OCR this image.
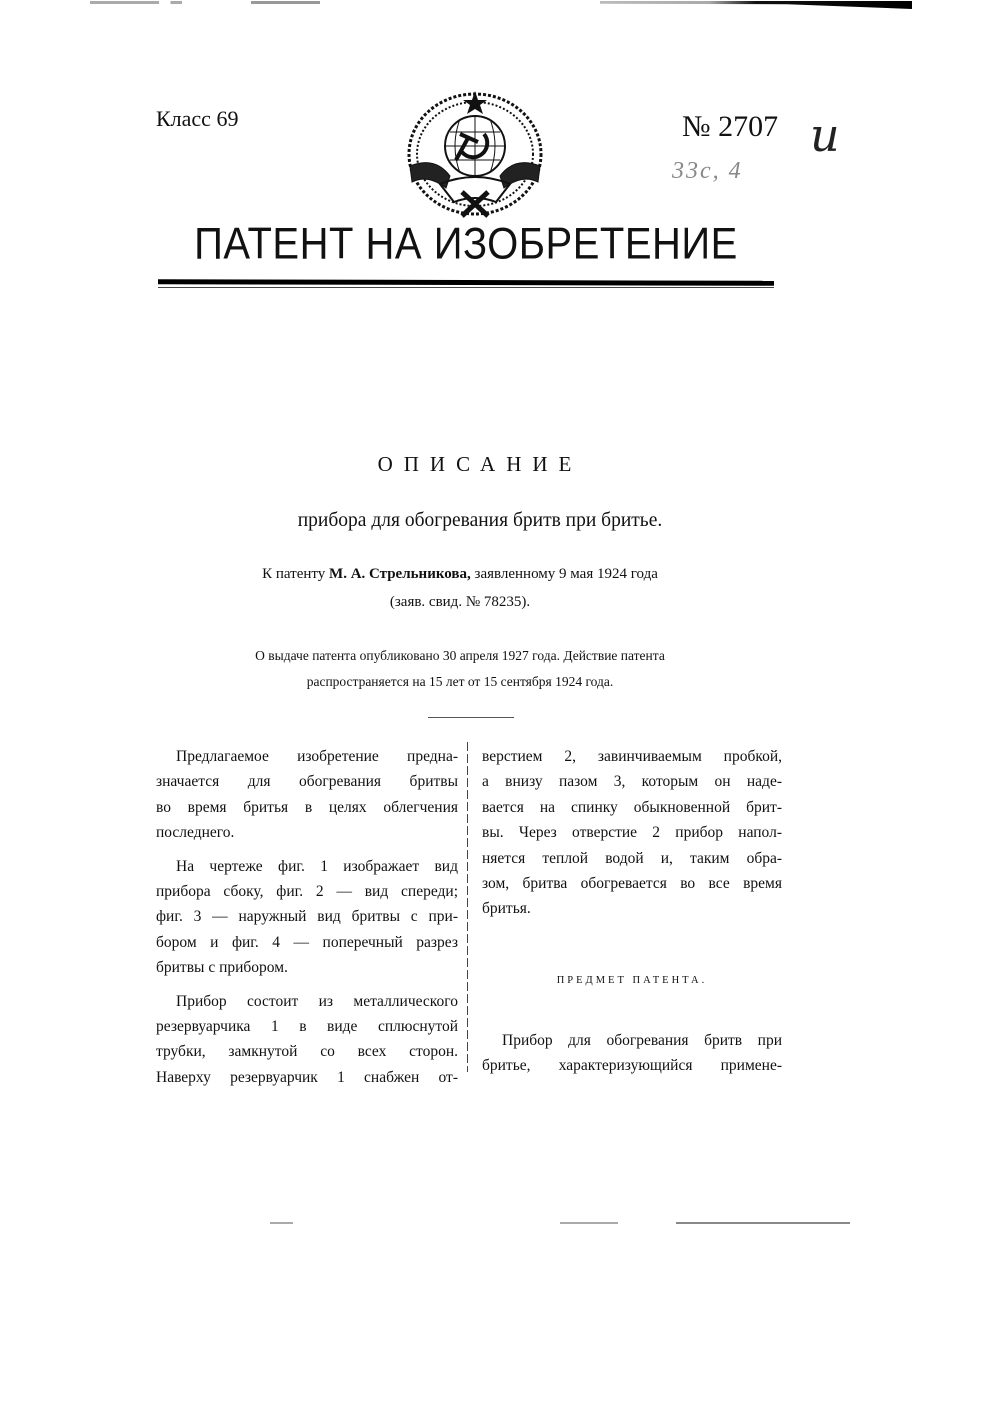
Класс 69	№ 2707
33с, 4
u
ПАТЕНТ НА ИЗОБРЕТЕНИЕ
ОПИСАНИЕ
прибора для обогревания бритв при бритье.
К патенту М. А. Стрельникова, заявленному 9 мая 1924 года
(заяв. свид. № 78235).
О выдаче патента опубликовано 30 апреля 1927 года. Действие патента
распространяется на 15 лет от 15 сентября 1924 года.

Предлагаемое изобретение предна-
значается для обогревания бритвы
во время бритья в целях облегчения
последнего.

На чертеже фиг. 1 изображает вид
прибора сбоку, фиг. 2 — вид спереди;
фиг. 3 — наружный вид бритвы с при-
бором и фиг. 4 — поперечный разрез
бритвы с прибором.

Прибор состоит из металлического
резервуарчика 1 в виде сплюснутой
трубки, замкнутой со всех сторон.
Наверху резервуарчик 1 снабжен от-

верстием 2, завинчиваемым пробкой,
а внизу пазом 3, которым он наде-
вается на спинку обыкновенной брит-
вы. Через отверстие 2 прибор напол-
няется теплой водой и, таким обра-
зом, бритва обогревается во все время
бритья.

ПРЕДМЕТ ПАТЕНТА.

Прибор для обогревания бритв при
бритье, характеризующийся примене-
